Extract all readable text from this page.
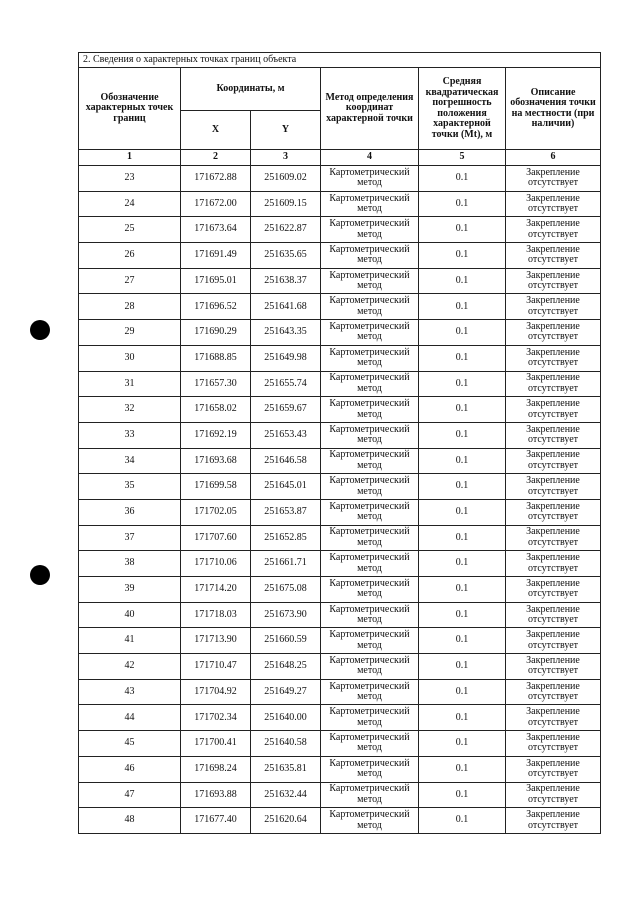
2. Сведения о характерных точках границ объекта					
Обозначение характерных точек границ	Координаты, м		Метод определения координат характерной точки	Средняя квадратическая погрешность положения характерной точки (Mt), м	Описание обозначения точки на местности (при наличии)
	X	Y			
1	2	3	4	5	6
23	171672.88	251609.02	Картометрический метод	0.1	Закрепление отсутствует
24	171672.00	251609.15	Картометрический метод	0.1	Закрепление отсутствует
25	171673.64	251622.87	Картометрический метод	0.1	Закрепление отсутствует
26	171691.49	251635.65	Картометрический метод	0.1	Закрепление отсутствует
27	171695.01	251638.37	Картометрический метод	0.1	Закрепление отсутствует
28	171696.52	251641.68	Картометрический метод	0.1	Закрепление отсутствует
29	171690.29	251643.35	Картометрический метод	0.1	Закрепление отсутствует
30	171688.85	251649.98	Картометрический метод	0.1	Закрепление отсутствует
31	171657.30	251655.74	Картометрический метод	0.1	Закрепление отсутствует
32	171658.02	251659.67	Картометрический метод	0.1	Закрепление отсутствует
33	171692.19	251653.43	Картометрический метод	0.1	Закрепление отсутствует
34	171693.68	251646.58	Картометрический метод	0.1	Закрепление отсутствует
35	171699.58	251645.01	Картометрический метод	0.1	Закрепление отсутствует
36	171702.05	251653.87	Картометрический метод	0.1	Закрепление отсутствует
37	171707.60	251652.85	Картометрический метод	0.1	Закрепление отсутствует
38	171710.06	251661.71	Картометрический метод	0.1	Закрепление отсутствует
39	171714.20	251675.08	Картометрический метод	0.1	Закрепление отсутствует
40	171718.03	251673.90	Картометрический метод	0.1	Закрепление отсутствует
41	171713.90	251660.59	Картометрический метод	0.1	Закрепление отсутствует
42	171710.47	251648.25	Картометрический метод	0.1	Закрепление отсутствует
43	171704.92	251649.27	Картометрический метод	0.1	Закрепление отсутствует
44	171702.34	251640.00	Картометрический метод	0.1	Закрепление отсутствует
45	171700.41	251640.58	Картометрический метод	0.1	Закрепление отсутствует
46	171698.24	251635.81	Картометрический метод	0.1	Закрепление отсутствует
47	171693.88	251632.44	Картометрический метод	0.1	Закрепление отсутствует
48	171677.40	251620.64	Картометрический метод	0.1	Закрепление отсутствует
